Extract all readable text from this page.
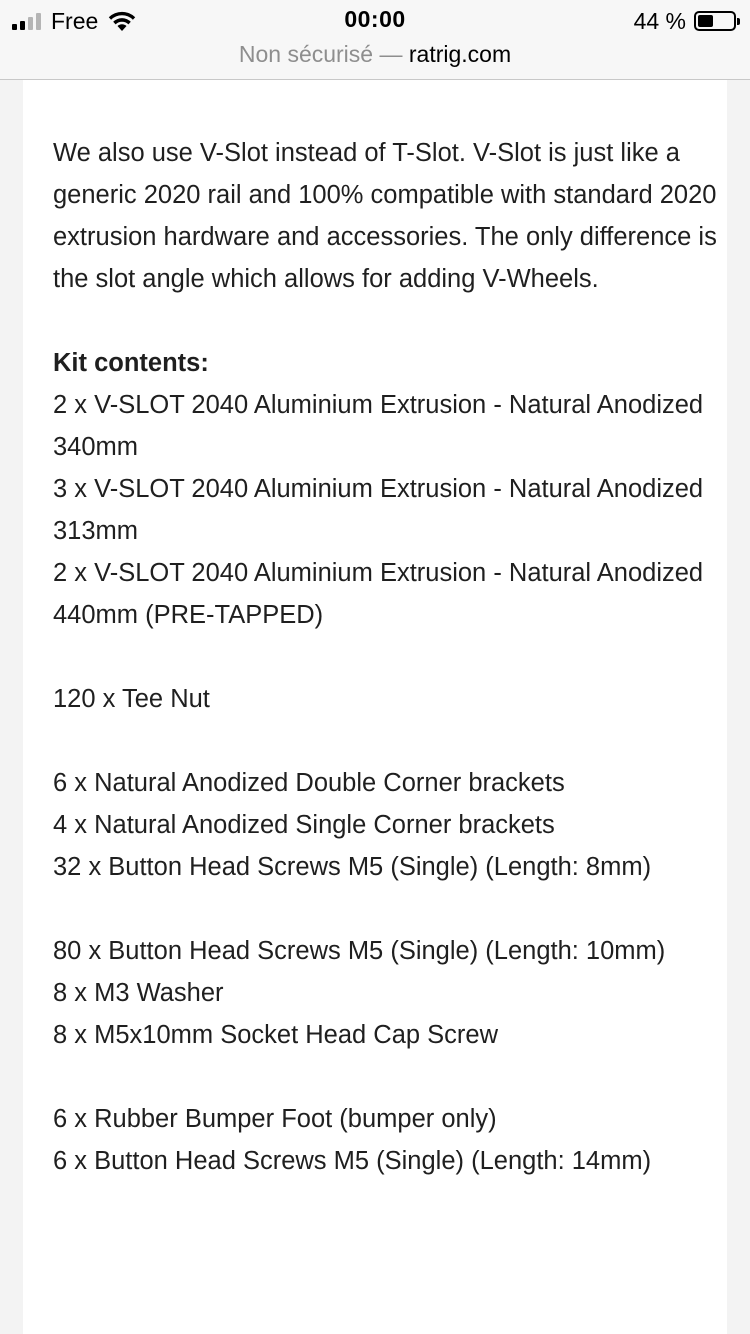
Free	00:00	44 %
Non sécurisé — ratrig.com

We also use V-Slot instead of T-Slot. V-Slot is just like a generic 2020 rail and 100% compatible with standard 2020 extrusion hardware and accessories. The only difference is the slot angle which allows for adding V-Wheels.

Kit contents:

2 x V-SLOT 2040 Aluminium Extrusion - Natural Anodized 340mm

3 x V-SLOT 2040 Aluminium Extrusion - Natural Anodized 313mm

2 x V-SLOT 2040 Aluminium Extrusion - Natural Anodized 440mm (PRE-TAPPED)

120 x Tee Nut

6 x Natural Anodized Double Corner brackets

4 x Natural Anodized Single Corner brackets

32 x Button Head Screws M5 (Single) (Length: 8mm)

80 x Button Head Screws M5 (Single) (Length: 10mm)

8 x M3 Washer

8 x M5x10mm Socket Head Cap Screw

6 x Rubber Bumper Foot (bumper only)

6 x Button Head Screws M5 (Single) (Length: 14mm)
